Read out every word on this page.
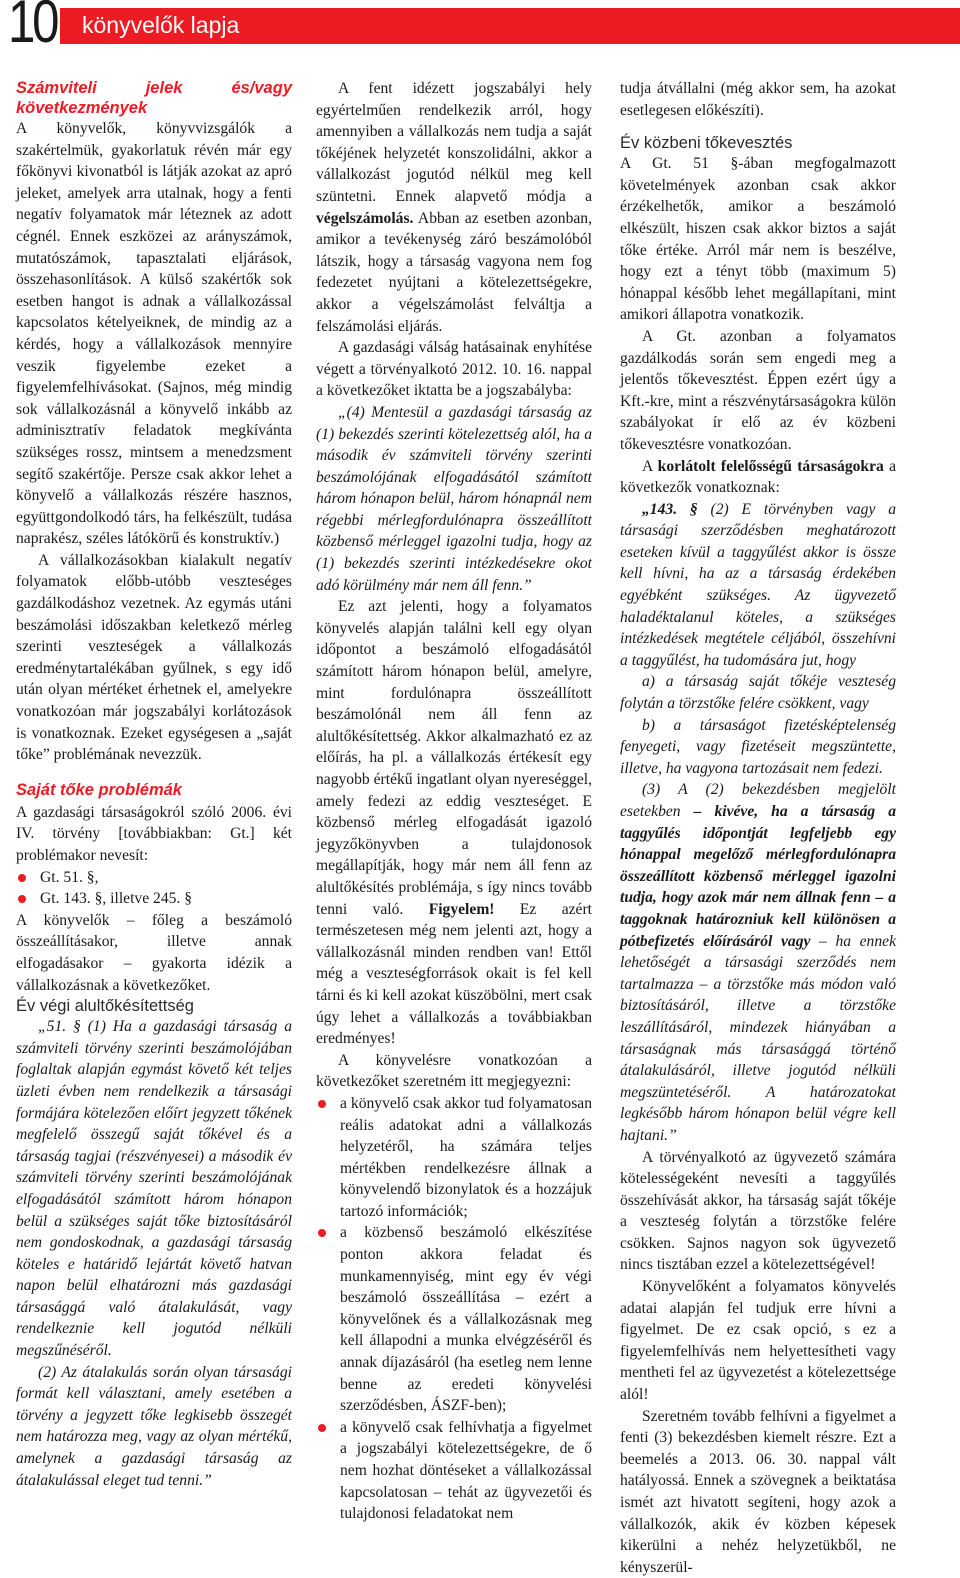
10 könyvelők lapja

Számviteli jelek és/vagy következmények

A könyvelők, könyvvizsgálók a szakértelmük, gyakorlatuk révén már egy főkönyvi kivonatból is látják azokat az apró jeleket, amelyek arra utalnak, hogy a fenti negatív folyamatok már léteznek az adott cégnél. Ennek eszközei az arányszámok, mutatószámok, tapasztalati eljárások, összehasonlítások. A külső szakértők sok esetben hangot is adnak a vállalkozással kapcsolatos kételyeiknek, de mindig az a kérdés, hogy a vállalkozások mennyire veszik figyelembe ezeket a figyelemfelhívásokat. (Sajnos, még mindig sok vállalkozásnál a könyvelő inkább az adminisztratív feladatok megkívánta szükséges rossz, mintsem a menedzsment segítő szakértője. Persze csak akkor lehet a könyvelő a vállalkozás részére hasznos, együttgondolkodó társ, ha felkészült, tudása naprakész, széles látókörű és konstruktív.)

A vállalkozásokban kialakult negatív folyamatok előbb-utóbb veszteséges gazdálkodáshoz vezetnek. Az egymás utáni beszámolási időszakban keletkező mérleg szerinti veszteségek a vállalkozás eredménytartalékában gyűlnek, s egy idő után olyan mértéket érhetnek el, amelyekre vonatkozóan már jogszabályi korlátozások is vonatkoznak. Ezeket egységesen a „saját tőke” problémának nevezzük.

Saját tőke problémák

A gazdasági társaságokról szóló 2006. évi IV. törvény [továbbiakban: Gt.] két problémakor nevesít:

Gt. 51. §,
Gt. 143. §, illetve 245. §

A könyvelők – főleg a beszámoló összeállításakor, illetve annak elfogadásakor – gyakorta idézik a vállalkozásnak a következőket.

Év végi alultőkésítettség

„51. § (1) Ha a gazdasági társaság a számviteli törvény szerinti beszámolójában foglaltak alapján egymást követő két teljes üzleti évben nem rendelkezik a társasági formájára kötelezően előírt jegyzett tőkének megfelelő összegű saját tőkével és a társaság tagjai (részvényesei) a második év számviteli törvény szerinti beszámolójának elfogadásától számított három hónapon belül a szükséges saját tőke biztosításáról nem gondoskodnak, a gazdasági társaság köteles e határidő lejártát követő hatvan napon belül elhatározni más gazdasági társasággá való átalakulását, vagy rendelkeznie kell jogutód nélküli megszűnéséről.

(2) Az átalakulás során olyan társasági formát kell választani, amely esetében a törvény a jegyzett tőke legkisebb összegét nem határozza meg, vagy az olyan mértékű, amelynek a gazdasági társaság az átalakulással eleget tud tenni.”

A fent idézett jogszabályi hely egyértelműen rendelkezik arról, hogy amennyiben a vállalkozás nem tudja a saját tőkéjének helyzetét konszolidálni, akkor a vállalkozást jogutód nélkül meg kell szüntetni. Ennek alapvető módja a végelszámolás. Abban az esetben azonban, amikor a tevékenység záró beszámolóból látszik, hogy a társaság vagyona nem fog fedezetet nyújtani a kötelezettségekre, akkor a végelszámolást felváltja a felszámolási eljárás.

A gazdasági válság hatásainak enyhítése végett a törvényalkotó 2012. 10. 16. nappal a következőket iktatta be a jogszabályba:

„(4) Mentesül a gazdasági társaság az (1) bekezdés szerinti kötelezettség alól, ha a második év számviteli törvény szerinti beszámolójának elfogadásától számított három hónapon belül, három hónapnál nem régebbi mérlegfordulónapra összeállított közbenső mérleggel igazolni tudja, hogy az (1) bekezdés szerinti intézkedésekre okot adó körülmény már nem áll fenn.”

Ez azt jelenti, hogy a folyamatos könyvelés alapján találni kell egy olyan időpontot a beszámoló elfogadásától számított három hónapon belül, amelyre, mint fordulónapra összeállított beszámolónál nem áll fenn az alultőkésítettség. Akkor alkalmazható ez az előírás, ha pl. a vállalkozás értékesít egy nagyobb értékű ingatlant olyan nyereséggel, amely fedezi az eddig veszteséget. E közbenső mérleg elfogadását igazoló jegyzőkönyvben a tulajdonosok megállapítják, hogy már nem áll fenn az alultőkésítés problémája, s így nincs tovább tenni való. Figyelem! Ez azért természetesen még nem jelenti azt, hogy a vállalkozásnál minden rendben van! Ettől még a veszteségforrások okait is fel kell tárni és ki kell azokat küszöbölni, mert csak úgy lehet a vállalkozás a továbbiakban eredményes!

A könyvelésre vonatkozóan a következőket szeretném itt megjegyezni:

a könyvelő csak akkor tud folyamatosan reális adatokat adni a vállalkozás helyzetéről, ha számára teljes mértékben rendelkezésre állnak a könyvelendő bizonylatok és a hozzájuk tartozó információk;
a közbenső beszámoló elkészítése ponton akkora feladat és munkamennyiség, mint egy év végi beszámoló összeállítása – ezért a könyvelőnek és a vállalkozásnak meg kell állapodni a munka elvégzéséről és annak díjazásáról (ha esetleg nem lenne benne az eredeti könyvelési szerződésben, ÁSZF-ben);
a könyvelő csak felhívhatja a figyelmet a jogszabályi kötelezettségekre, de ő nem hozhat döntéseket a vállalkozással kapcsolatosan – tehát az ügyvezetői és tulajdonosi feladatokat nem

tudja átvállalni (még akkor sem, ha azokat esetlegesen előkészíti).

Év közbeni tőkevesztés

A Gt. 51 §-ában megfogalmazott követelmények azonban csak akkor érzékelhetők, amikor a beszámoló elkészült, hiszen csak akkor biztos a saját tőke értéke. Arról már nem is beszélve, hogy ezt a tényt több (maximum 5) hónappal később lehet megállapítani, mint amikori állapotra vonatkozik.

A Gt. azonban a folyamatos gazdálkodás során sem engedi meg a jelentős tőkevesztést. Éppen ezért úgy a Kft.-kre, mint a részvénytársaságokra külön szabályokat ír elő az év közbeni tőkevesztésre vonatkozóan.

A korlátolt felelősségű társaságokra a következők vonatkoznak:

„143. § (2) E törvényben vagy a társasági szerződésben meghatározott eseteken kívül a taggyűlést akkor is össze kell hívni, ha az a társaság érdekében egyébként szükséges. Az ügyvezető haladéktalanul köteles, a szükséges intézkedések megtétele céljából, összehívni a taggyűlést, ha tudomására jut, hogy

a) a társaság saját tőkéje veszteség folytán a törzstőke felére csökkent, vagy

b) a társaságot fizetésképtelenség fenyegeti, vagy fizetéseit megszüntette, illetve, ha vagyona tartozásait nem fedezi.

(3) A (2) bekezdésben megjelölt esetekben – kivéve, ha a társaság a taggyűlés időpontját legfeljebb egy hónappal megelőző mérlegfordulónapra összeállított közbenső mérleggel igazolni tudja, hogy azok már nem állnak fenn – a taggoknak határozniuk kell különösen a pótbefizetés előírásáról vagy – ha ennek lehetőségét a társasági szerződés nem tartalmazza – a törzstőke más módon való biztosításáról, illetve a törzstőke leszállításáról, mindezek hiányában a társaságnak más társasággá történő átalakulásáról, illetve jogutód nélküli megszüntetéséről. A határozatokat legkésőbb három hónapon belül végre kell hajtani.”

A törvényalkotó az ügyvezető számára kötelességeként nevesíti a taggyűlés összehívását akkor, ha társaság saját tőkéje a veszteség folytán a törzstőke felére csökken. Sajnos nagyon sok ügyvezető nincs tisztában ezzel a kötelezettségével!

Könyvelőként a folyamatos könyvelés adatai alapján fel tudjuk erre hívni a figyelmet. De ez csak opció, s ez a figyelemfelhívás nem helyettesítheti vagy mentheti fel az ügyvezetést a kötelezettsége alól!

Szeretném tovább felhívni a figyelmet a fenti (3) bekezdésben kiemelt részre. Ezt a beemelés a 2013. 06. 30. nappal vált hatályossá. Ennek a szövegnek a beiktatása ismét azt hivatott segíteni, hogy azok a vállalkozók, akik év közben képesek kikerülni a nehéz helyzetükből, ne kényszerül-
